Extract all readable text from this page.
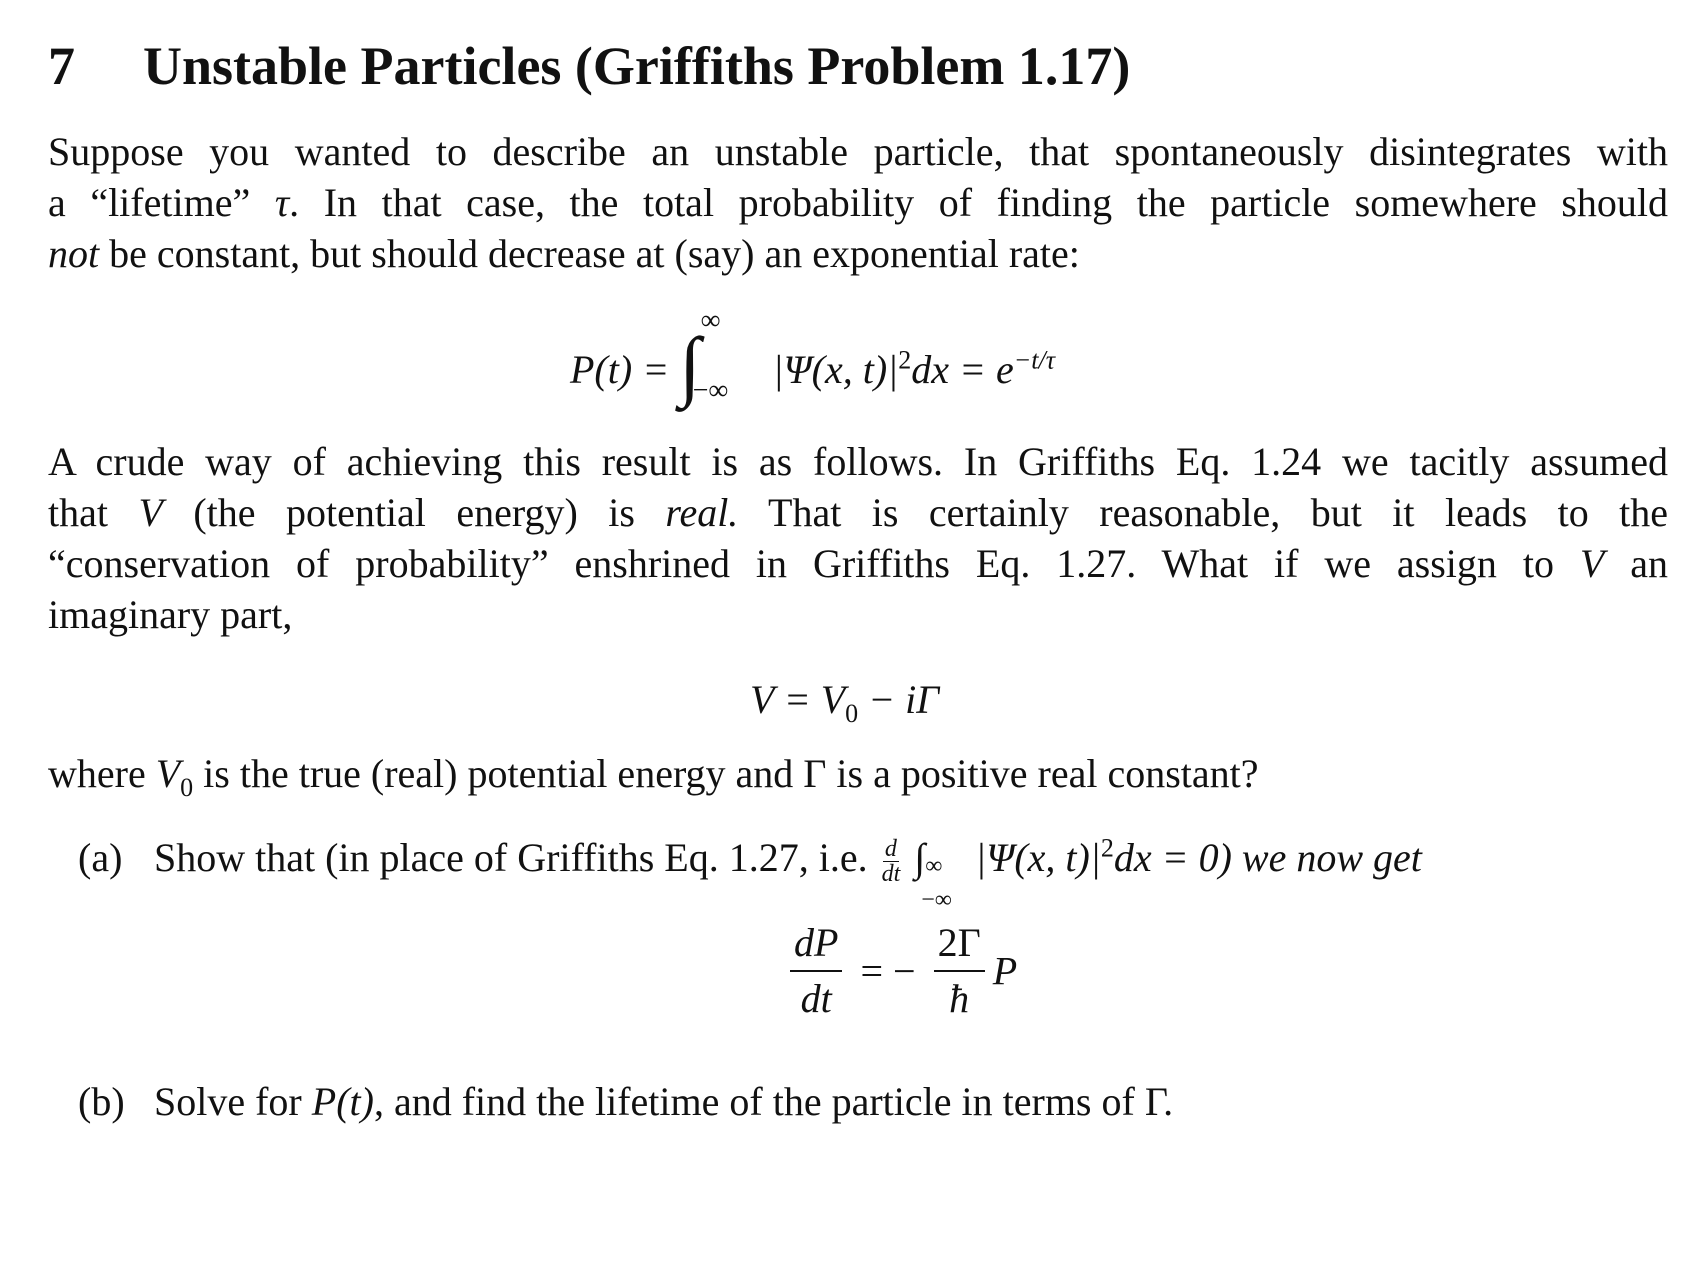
7 Unstable Particles (Griffiths Problem 1.17)
Suppose you wanted to describe an unstable particle, that spontaneously disintegrates with
a “lifetime” τ. In that case, the total probability of finding the particle somewhere should
not be constant, but should decrease at (say) an exponential rate:
P(t) = ∫
∞
−∞ |Ψ(x, $t)|^2dx = e^{-t/\tau}$
A crude way of achieving this result is as follows. In Griffiths Eq. 1.24 we tacitly assumed
that V (the potential energy) is real. That is certainly reasonable, but it leads to the
“conservation of probability” enshrined in Griffiths Eq. 1.27. What if we assign to V an
imaginary part,
$V = V_0 - i\Gamma$
where $V_0$ is the true (real) potential energy and Γ is a positive real constant?
(a) Show that (in place of Griffiths Eq. 1.27, i.e. $\frac{d}{dt}$ ∫ ∞
−∞
|Ψ(x, $t)|^2dx = 0$) we now get
$\frac{dP}{dt}$ = − $\frac{2\Gamma}{ħ}$ P
(b) Solve for P(t), and find the lifetime of the particle in terms of Γ.
